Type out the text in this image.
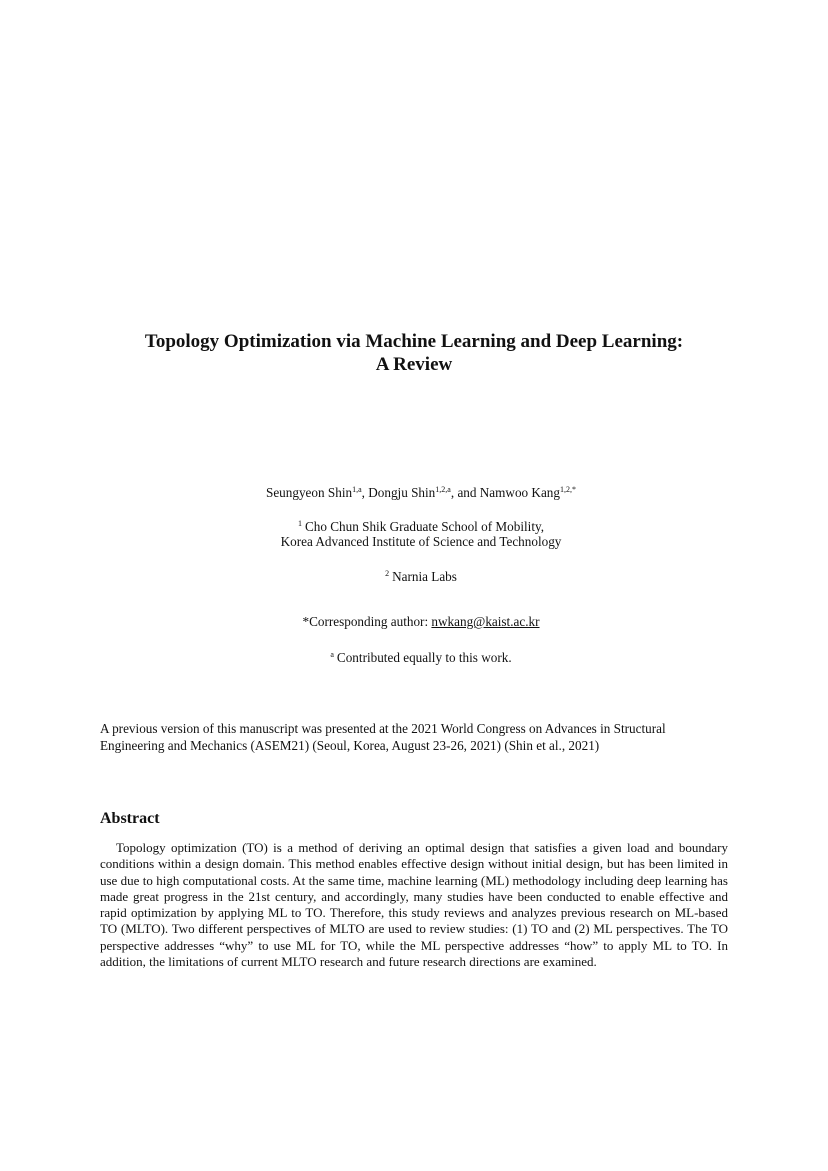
Topology Optimization via Machine Learning and Deep Learning:
A Review
Seungyeon Shin$^{1,a}$, Dongju Shin$^{1,2,a}$, and Namwoo Kang$^{1,2,*}$
$^1$ Cho Chun Shik Graduate School of Mobility,
Korea Advanced Institute of Science and Technology
$^2$ Narnia Labs
*Corresponding author: nwkang@kaist.ac.kr
$^a$ Contributed equally to this work.
A previous version of this manuscript was presented at the 2021 World Congress on Advances in Structural Engineering and Mechanics (ASEM21) (Seoul, Korea, August 23-26, 2021) (Shin et al., 2021)
Abstract
Topology optimization (TO) is a method of deriving an optimal design that satisfies a given load and boundary conditions within a design domain. This method enables effective design without initial design, but has been limited in use due to high computational costs. At the same time, machine learning (ML) methodology including deep learning has made great progress in the 21st century, and accordingly, many studies have been conducted to enable effective and rapid optimization by applying ML to TO. Therefore, this study reviews and analyzes previous research on ML-based TO (MLTO). Two different perspectives of MLTO are used to review studies: (1) TO and (2) ML perspectives. The TO perspective addresses “why” to use ML for TO, while the ML perspective addresses “how” to apply ML to TO. In addition, the limitations of current MLTO research and future research directions are examined.
